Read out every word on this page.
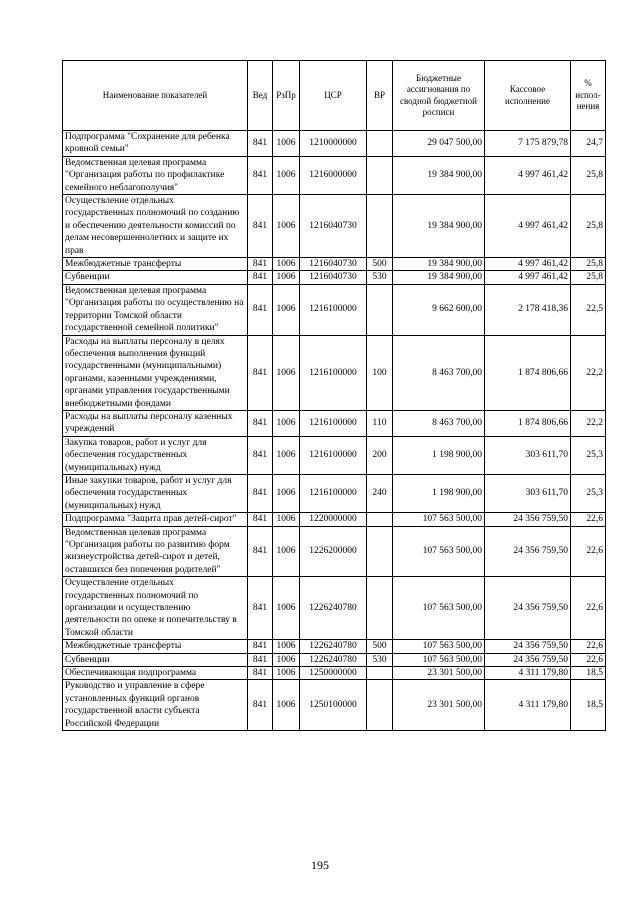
Наименование показателей	Вед	РзПр	ЦСР	ВР	Бюджетные ассигнования по сводной бюджетной росписи	Кассовое исполнение	% испол-нения
Подпрограмма "Сохранение для ребенка кровной семьи"	841	1006	1210000000		29 047 500,00	7 175 879,78	24,7
Ведомственная целевая программа "Организация работы по профилактике семейного неблагополучия"	841	1006	1216000000		19 384 900,00	4 997 461,42	25,8
Осуществление отдельных государственных полномочий по созданию и обеспечению деятельности комиссий по делам несовершеннолетних и защите их прав	841	1006	1216040730		19 384 900,00	4 997 461,42	25,8
Межбюджетные трансферты	841	1006	1216040730	500	19 384 900,00	4 997 461,42	25,8
Субвенции	841	1006	1216040730	530	19 384 900,00	4 997 461,42	25,8
Ведомственная целевая программа "Организация работы по осуществлению на территории Томской области государственной семейной политики"	841	1006	1216100000		9 662 600,00	2 178 418,36	22,5
Расходы на выплаты персоналу в целях обеспечения выполнения функций государственными (муниципальными) органами, казенными учреждениями, органами управления государственными внебюджетными фондами	841	1006	1216100000	100	8 463 700,00	1 874 806,66	22,2
Расходы на выплаты персоналу казенных учреждений	841	1006	1216100000	110	8 463 700,00	1 874 806,66	22,2
Закупка товаров, работ и услуг для обеспечения государственных (муниципальных) нужд	841	1006	1216100000	200	1 198 900,00	303 611,70	25,3
Иные закупки товаров, работ и услуг для обеспечения государственных (муниципальных) нужд	841	1006	1216100000	240	1 198 900,00	303 611,70	25,3
Подпрограмма "Защита прав детей-сирот"	841	1006	1220000000		107 563 500,00	24 356 759,50	22,6
Ведомственная целевая программа "Организация работы по развитию форм жизнеустройства детей-сирот и детей, оставшихся без попечения родителей"	841	1006	1226200000		107 563 500,00	24 356 759,50	22,6
Осуществление отдельных государственных полномочий по организации и осуществлению деятельности по опеке и попечительству в Томской области	841	1006	1226240780		107 563 500,00	24 356 759,50	22,6
Межбюджетные трансферты	841	1006	1226240780	500	107 563 500,00	24 356 759,50	22,6
Субвенции	841	1006	1226240780	530	107 563 500,00	24 356 759,50	22,6
Обеспечивающая подпрограмма	841	1006	1250000000		23 301 500,00	4 311 179,80	18,5
Руководство и управление в сфере установленных функций органов государственной власти субъекта Российской Федерации	841	1006	1250100000		23 301 500,00	4 311 179,80	18,5
195
